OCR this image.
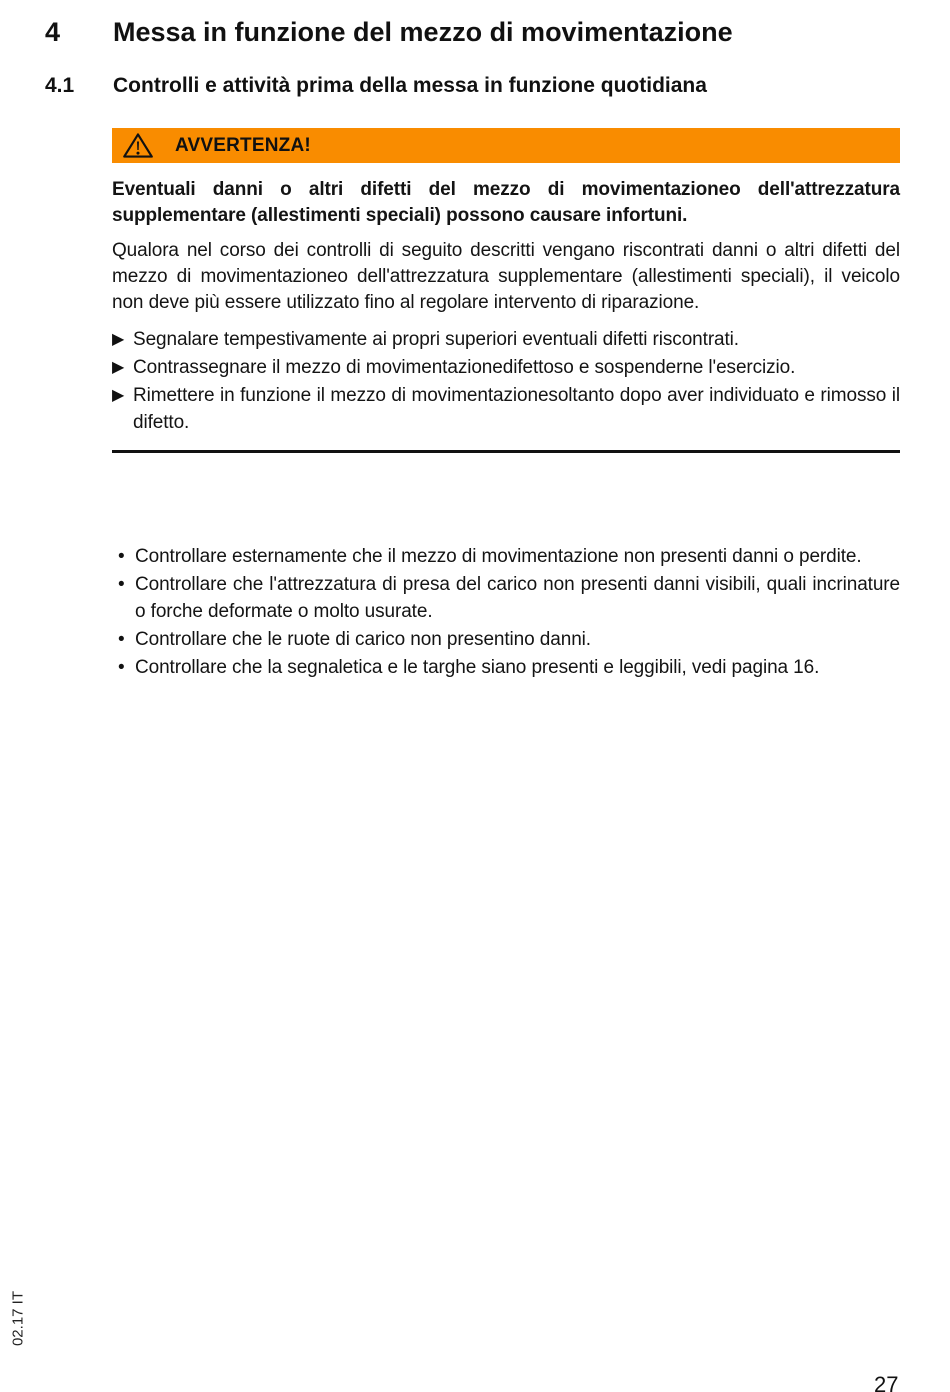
4	Messa in funzione del mezzo di movimentazione
4.1	Controlli e attività prima della messa in funzione quotidiana
AVVERTENZA!

Eventuali danni o altri difetti del mezzo di movimentazioneo dell'attrezzatura supplementare (allestimenti speciali) possono causare infortuni.

Qualora nel corso dei controlli di seguito descritti vengano riscontrati danni o altri difetti del mezzo di movimentazioneo dell'attrezzatura supplementare (allestimenti speciali), il veicolo non deve più essere utilizzato fino al regolare intervento di riparazione.

▶ Segnalare tempestivamente ai propri superiori eventuali difetti riscontrati.
▶ Contrassegnare il mezzo di movimentazionedifettoso e sospenderne l'esercizio.
▶ Rimettere in funzione il mezzo di movimentazionesoltanto dopo aver individuato e rimosso il difetto.
• Controllare esternamente che il mezzo di movimentazione non presenti danni o perdite.
• Controllare che l'attrezzatura di presa del carico non presenti danni visibili, quali incrinature o forche deformate o molto usurate.
• Controllare che le ruote di carico non presentino danni.
• Controllare che la segnaletica e le targhe siano presenti e leggibili, vedi pagina 16.
02.17 IT
27
